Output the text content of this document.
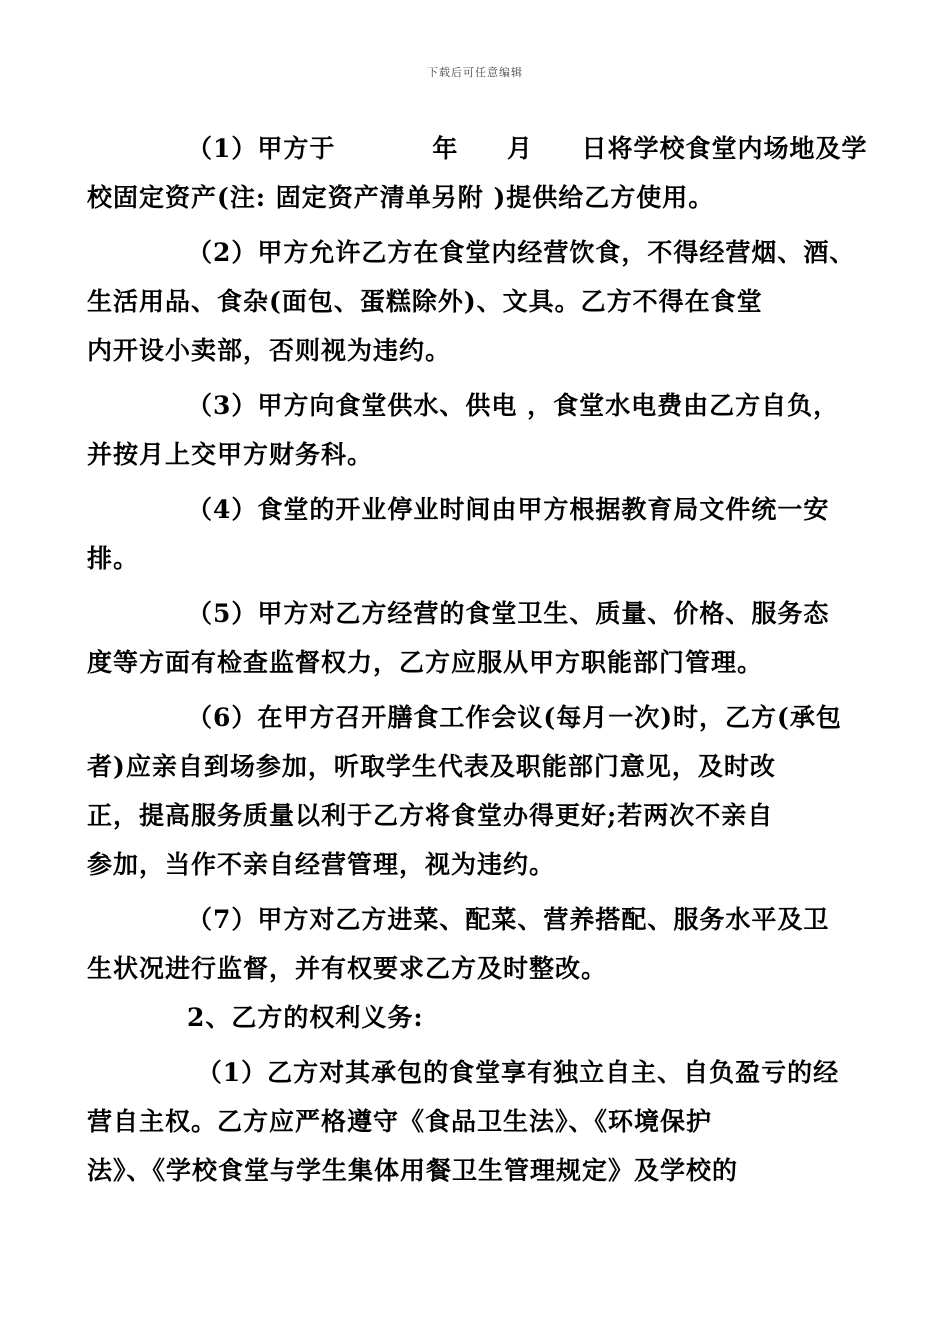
下载后可任意编辑
（1）甲方于          年     月     日将学校食堂内场地及学
校固定资产(注: 固定资产清单另附 )提供给乙方使用。
（2）甲方允许乙方在食堂内经营饮食，不得经营烟、酒、
生活用品、食杂(面包、蛋糕除外)、文具。乙方不得在食堂
内开设小卖部，否则视为违约。
（3）甲方向食堂供水、供电 ，食堂水电费由乙方自负，
并按月上交甲方财务科。
（4）食堂的开业停业时间由甲方根据教育局文件统一安
排。
（5）甲方对乙方经营的食堂卫生、质量、价格、服务态
度等方面有检查监督权力，乙方应服从甲方职能部门管理。
（6）在甲方召开膳食工作会议(每月一次)时，乙方(承包
者)应亲自到场参加，听取学生代表及职能部门意见，及时改
正，提高服务质量以利于乙方将食堂办得更好;若两次不亲自
参加，当作不亲自经营管理，视为违约。
（7）甲方对乙方进菜、配菜、营养搭配、服务水平及卫
生状况进行监督，并有权要求乙方及时整改。
2、乙方的权利义务:
（1）乙方对其承包的食堂享有独立自主、自负盈亏的经
营自主权。乙方应严格遵守《食品卫生法》、《环境保护
法》、《学校食堂与学生集体用餐卫生管理规定》及学校的
